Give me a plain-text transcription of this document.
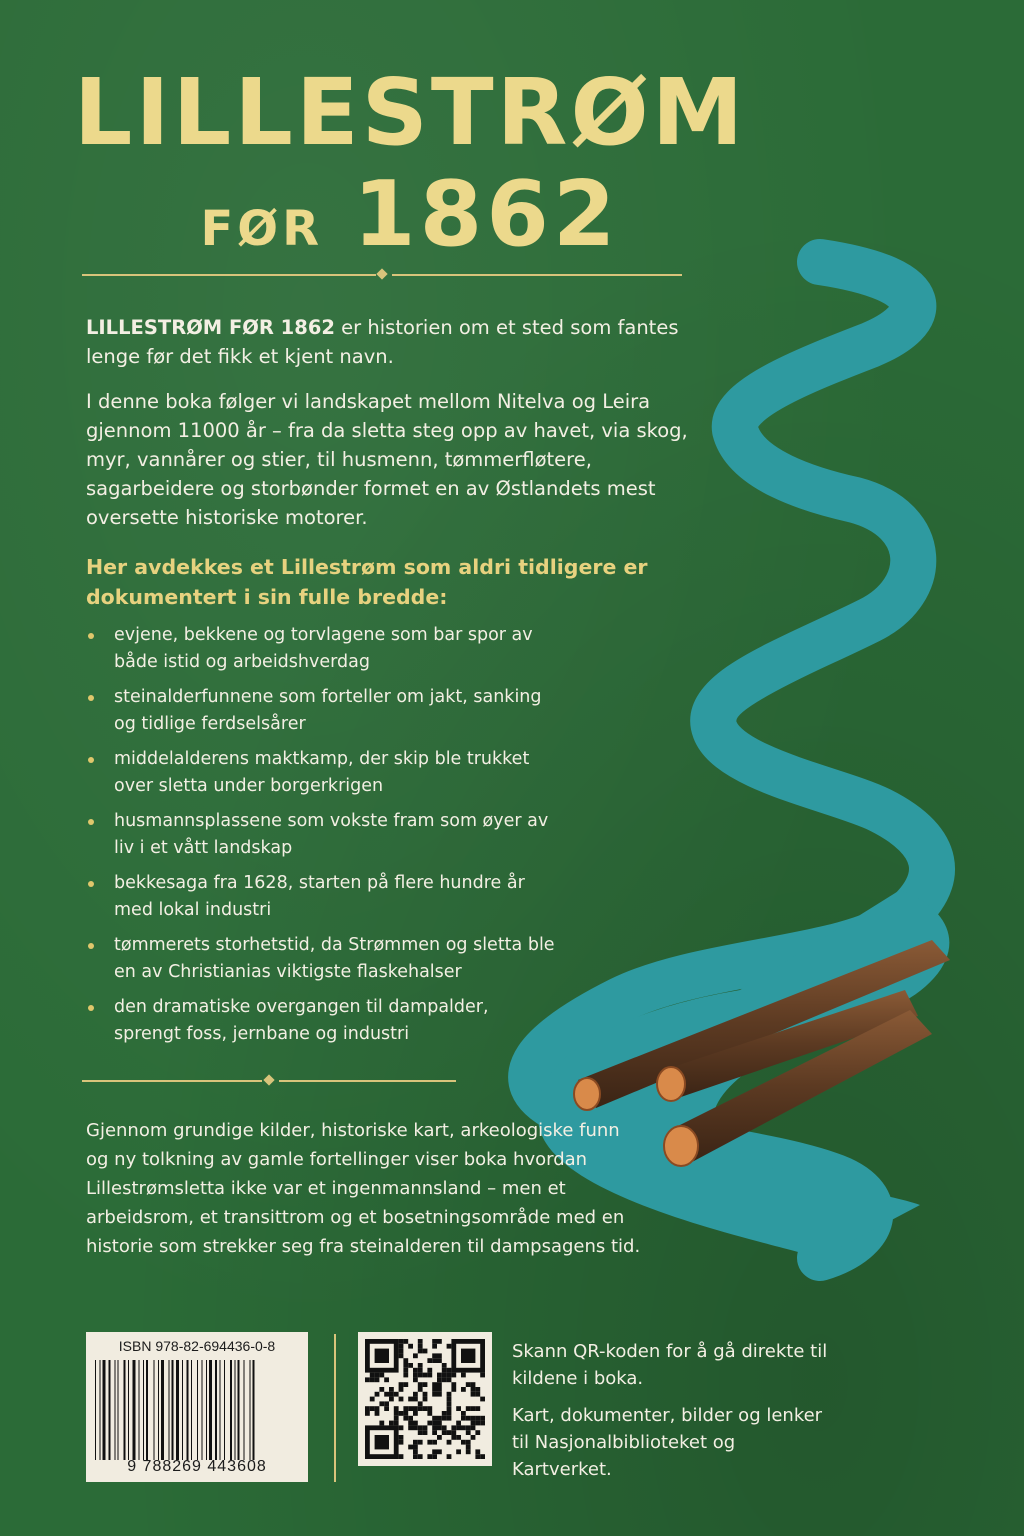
LILLESTRØM
FØR 1862
LILLESTRØM FØR 1862 er historien om et sted som fantes lenge før det fikk et kjent navn.
I denne boka følger vi landskapet mellom Nitelva og Leira gjennom 11000 år – fra da sletta steg opp av havet, via skog, myr, vannårer og stier, til husmenn, tømmerfløtere, sagarbeidere og storbønder formet en av Østlandets mest oversette historiske motorer.
Her avdekkes et Lillestrøm som aldri tidligere er dokumentert i sin fulle bredde:
evjene, bekkene og torvlagene som bar spor av både istid og arbeidshverdag
steinalderfunnene som forteller om jakt, sanking og tidlige ferdselsårer
middelalderens maktkamp, der skip ble trukket over sletta under borgerkrigen
husmannsplassene som vokste fram som øyer av liv i et vått landskap
bekkesaga fra 1628, starten på flere hundre år med lokal industri
tømmerets storhetstid, da Strømmen og sletta ble en av Christianias viktigste flaskehalser
den dramatiske overgangen til dampalder, sprengt foss, jernbane og industri
Gjennom grundige kilder, historiske kart, arkeologiske funn og ny tolkning av gamle fortellinger viser boka hvordan Lillestrømsletta ikke var et ingenmannsland – men et arbeidsrom, et transittrom og et bosetningsområde med en historie som strekker seg fra steinalderen til dampsagens tid.
ISBN 978-82-694436-0-8
9 788269 443608
Skann QR-koden for å gå direkte til kildene i boka.
Kart, dokumenter, bilder og lenker til Nasjonalbiblioteket og Kartverket.
